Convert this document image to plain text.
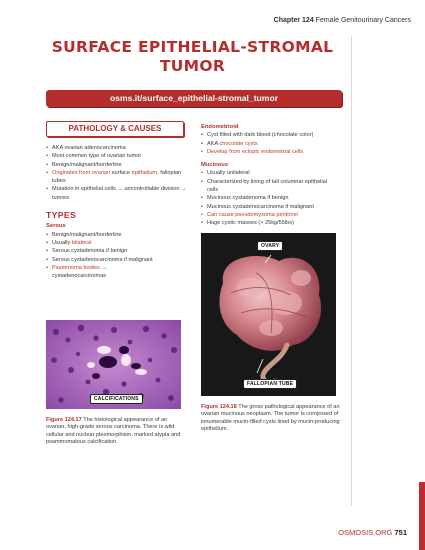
Chapter 124 Female Genitourinary Cancers
SURFACE EPITHELIAL-STROMAL
TUMOR
osms.it/surface_epithelial-stromal_tumor
PATHOLOGY & CAUSES
• AKA ovarian adenocarcinoma
• Most common type of ovarian tumor
• Benign/malignant/borderline
• Originates from ovarian surface epithelium, fallopian tubes
• Mutation in epithelial cells → uncontrollable division → tumors
TYPES
Serous
• Benign/malignant/borderline
• Usually bilateral
• Serous cystadenoma if benign
• Serous cystadenocarcinoma if malignant
• Psammoma bodies → cystadenocarcinomas
Endometrioid
• Cyst filled with dark blood (chocolate color)
• AKA chocolate cysts
• Develop from ectopic endometrial cells
Mucinous
• Usually unilateral
• Characterized by lining of tall columnar epithelial cells
• Mucinous cystadenoma if benign
• Mucinous cystadenocarcinoma if malignant
• Can cause pseudomyxoma peritonei
• Huge cystic masses (> 25kg/55lbs)
CALCIFICATIONS
Figure 124.17 The histological appearance of an ovarian, high-grade serous carcinoma. There is wild cellular and nuclear pleomorphism, marked atypia and psammomatous calcification.
OVARY
FALLOPIAN TUBE
Figure 124.18 The gross pathological appearance of an ovarian mucinous neoplasm. The tumor is composed of innumerable mucin-filled cysts lined by mucin-producing epithelium.
OSMOSIS.ORG 751
